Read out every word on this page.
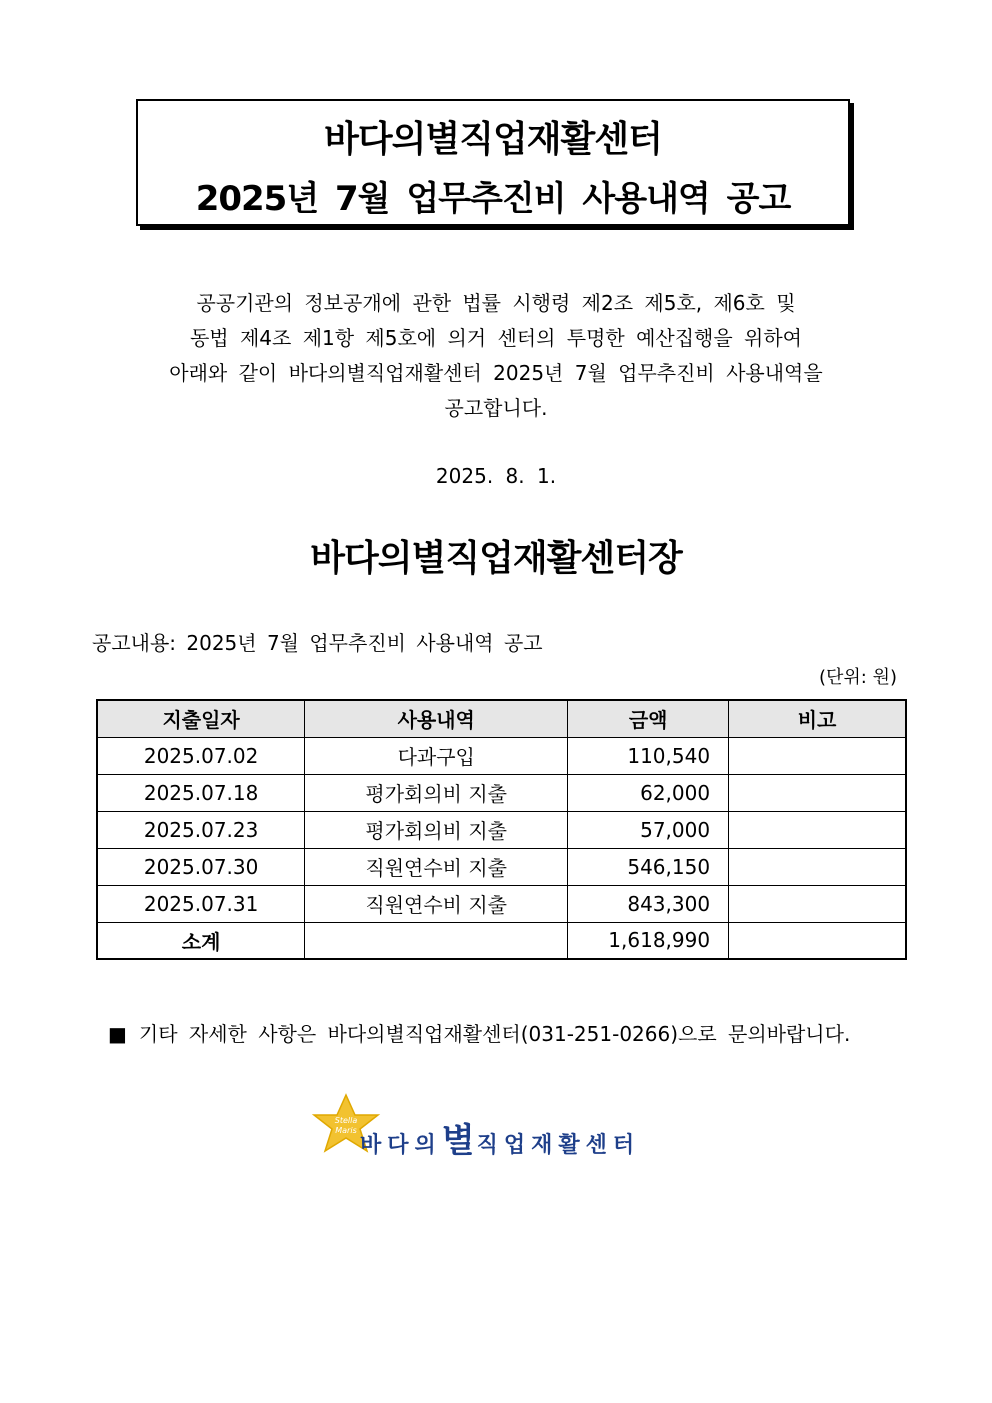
바다의별직업재활센터
2025년 7월 업무추진비 사용내역 공고
공공기관의 정보공개에 관한 법률 시행령 제2조 제5호, 제6호 및
동법 제4조 제1항 제5호에 의거 센터의 투명한 예산집행을 위하여
아래와 같이 바다의별직업재활센터 2025년 7월 업무추진비 사용내역을
공고합니다.
2025. 8. 1.
바다의별직업재활센터장
공고내용: 2025년 7월 업무추진비 사용내역 공고
(단위: 원)
지출일자	사용내역	금액	비고
2025.07.02	다과구입	110,540	
2025.07.18	평가회의비 지출	62,000	
2025.07.23	평가회의비 지출	57,000	
2025.07.30	직원연수비 지출	546,150	
2025.07.31	직원연수비 지출	843,300	
소계		1,618,990	
■ 기타 자세한 사항은 바다의별직업재활센터(031-251-0266)으로 문의바랍니다.
Stella
Maris
바다의별직업재활센터
